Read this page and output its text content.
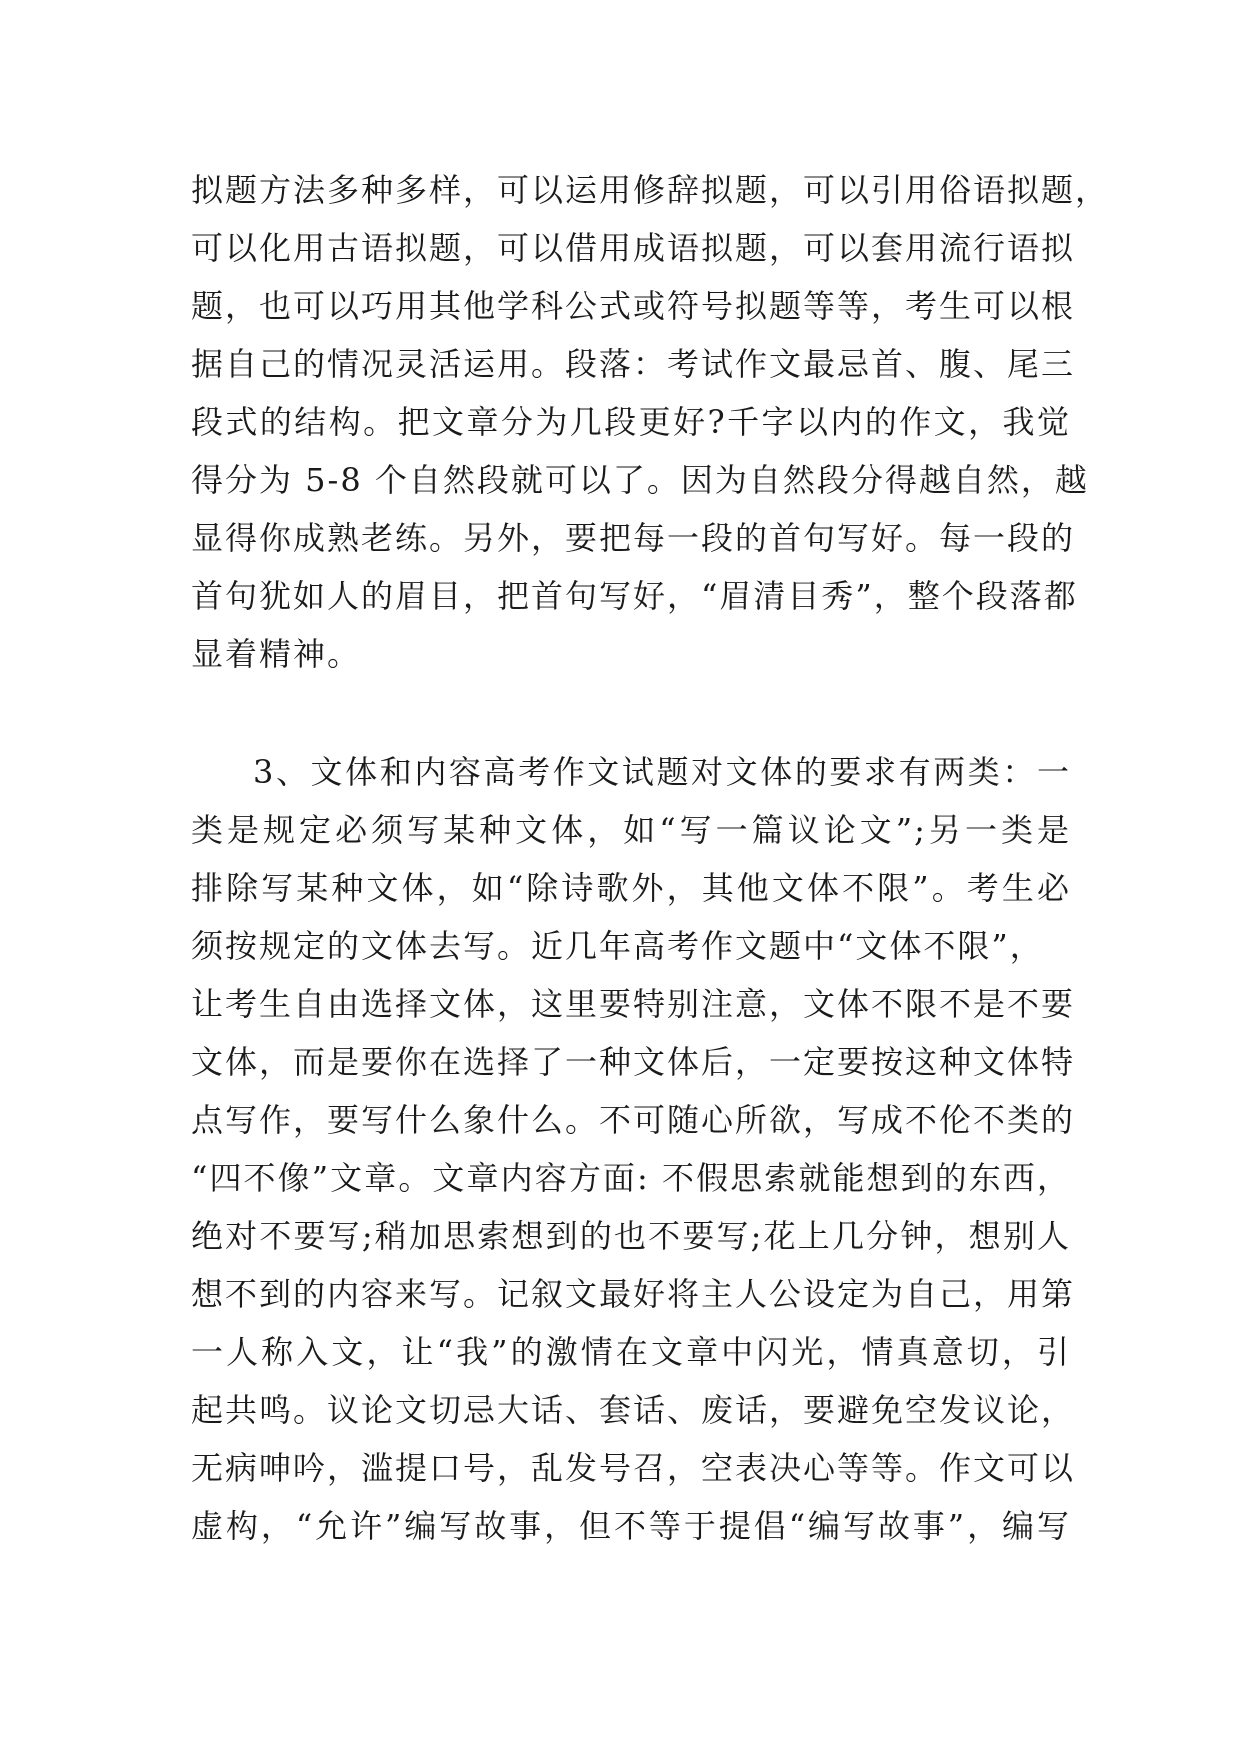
拟题方法多种多样，可以运用修辞拟题，可以引用俗语拟题，
可以化用古语拟题，可以借用成语拟题，可以套用流行语拟
题，也可以巧用其他学科公式或符号拟题等等，考生可以根
据自己的情况灵活运用。段落：考试作文最忌首、腹、尾三
段式的结构。把文章分为几段更好?千字以内的作文，我觉
得分为 5-8 个自然段就可以了。因为自然段分得越自然，越
显得你成熟老练。另外，要把每一段的首句写好。每一段的
首句犹如人的眉目，把首句写好，“眉清目秀”，整个段落都
显着精神。
3、文体和内容高考作文试题对文体的要求有两类：一
类是规定必须写某种文体，如“写一篇议论文”;另一类是
排除写某种文体，如“除诗歌外，其他文体不限”。考生必
须按规定的文体去写。近几年高考作文题中“文体不限”，
让考生自由选择文体，这里要特别注意，文体不限不是不要
文体，而是要你在选择了一种文体后，一定要按这种文体特
点写作，要写什么象什么。不可随心所欲，写成不伦不类的
“四不像”文章。文章内容方面: 不假思索就能想到的东西，
绝对不要写;稍加思索想到的也不要写;花上几分钟，想别人
想不到的内容来写。记叙文最好将主人公设定为自己，用第
一人称入文，让“我”的激情在文章中闪光，情真意切，引
起共鸣。议论文切忌大话、套话、废话，要避免空发议论，
无病呻吟，滥提口号，乱发号召，空表决心等等。作文可以
虚构，“允许”编写故事，但不等于提倡“编写故事”，编写
